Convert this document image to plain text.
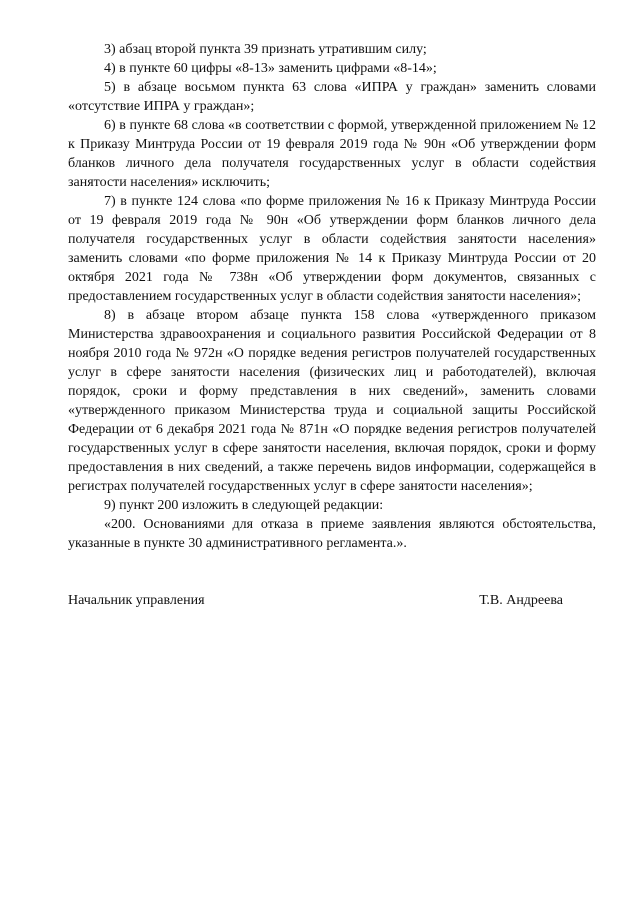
3) абзац второй пункта 39 признать утратившим силу;

4) в пункте 60 цифры «8-13» заменить цифрами «8-14»;

5) в абзаце восьмом пункта 63 слова «ИПРА у граждан» заменить словами «отсутствие ИПРА у граждан»;

6) в пункте 68 слова «в соответствии с формой, утвержденной приложением № 12 к Приказу Минтруда России от 19 февраля 2019 года № 90н «Об утверждении форм бланков личного дела получателя государственных услуг в области содействия занятости населения» исключить;

7) в пункте 124 слова «по форме приложения № 16 к Приказу Минтруда России от 19 февраля 2019 года № 90н «Об утверждении форм бланков личного дела получателя государственных услуг в области содействия занятости населения» заменить словами «по форме приложения № 14 к Приказу Минтруда России от 20 октября 2021 года № 738н «Об утверждении форм документов, связанных с предоставлением государственных услуг в области содействия занятости населения»;

8) в абзаце втором абзаце пункта 158 слова «утвержденного приказом Министерства здравоохранения и социального развития Российской Федерации от 8 ноября 2010 года № 972н «О порядке ведения регистров получателей государственных услуг в сфере занятости населения (физических лиц и работодателей), включая порядок, сроки и форму представления в них сведений», заменить словами «утвержденного приказом Министерства труда и социальной защиты Российской Федерации от 6 декабря 2021 года № 871н «О порядке ведения регистров получателей государственных услуг в сфере занятости населения, включая порядок, сроки и форму предоставления в них сведений, а также перечень видов информации, содержащейся в регистрах получателей государственных услуг в сфере занятости населения»;

9) пункт 200 изложить в следующей редакции:

«200. Основаниями для отказа в приеме заявления являются обстоятельства, указанные в пункте 30 административного регламента.».

Начальник управления	Т.В. Андреева
